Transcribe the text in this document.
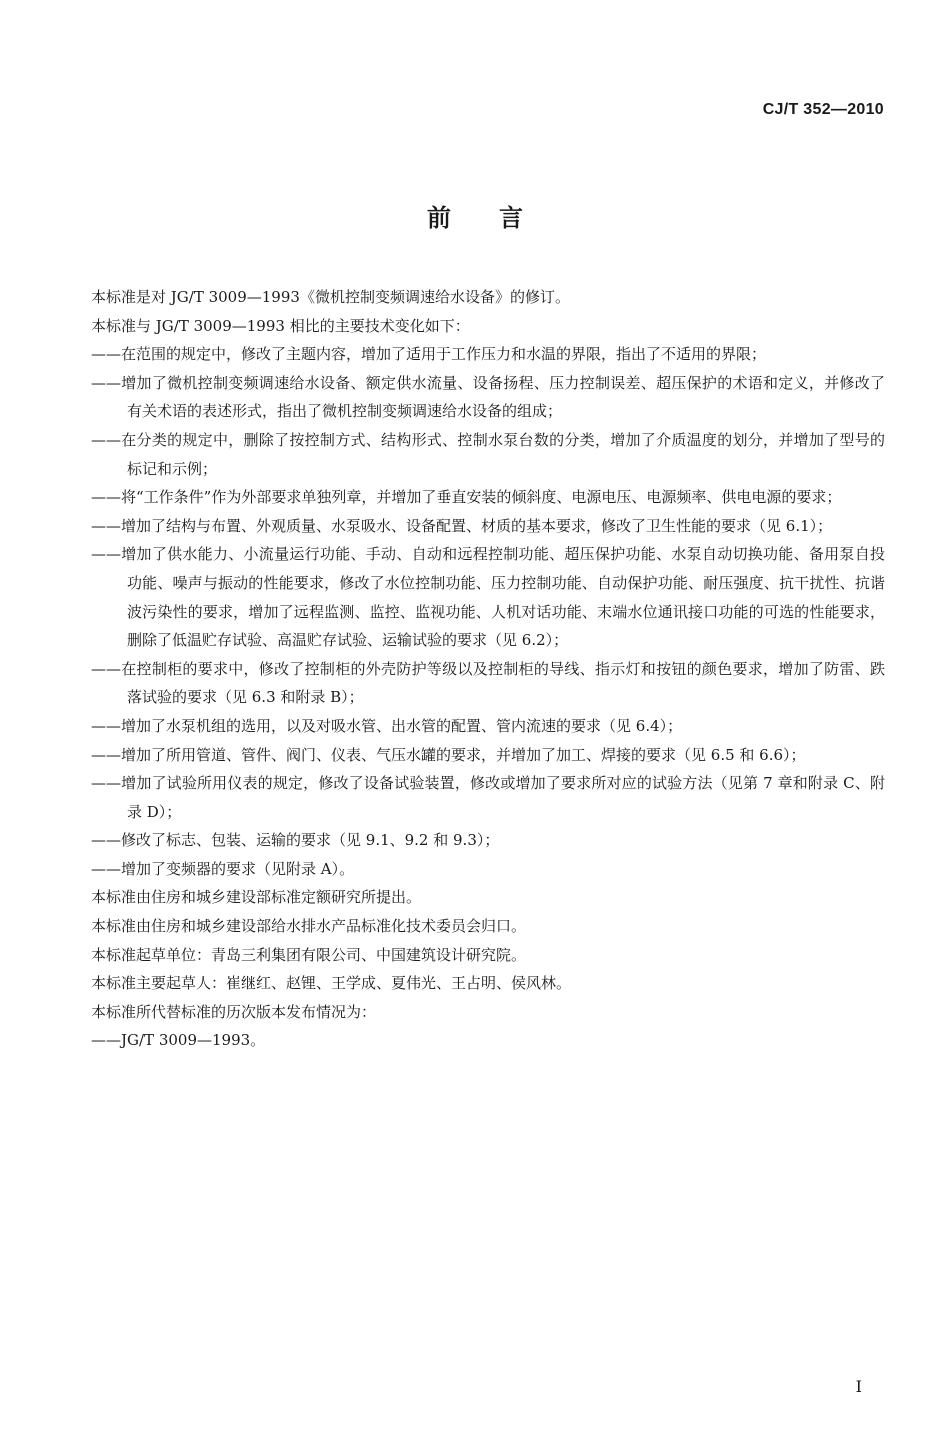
CJ/T 352—2010
前言

本标准是对 JG/T 3009—1993《微机控制变频调速给水设备》的修订。

本标准与 JG/T 3009—1993 相比的主要技术变化如下：

——在范围的规定中，修改了主题内容，增加了适用于工作压力和水温的界限，指出了不适用的界限；

——增加了微机控制变频调速给水设备、额定供水流量、设备扬程、压力控制误差、超压保护的术语和定义，并修改了有关术语的表述形式，指出了微机控制变频调速给水设备的组成；

——在分类的规定中，删除了按控制方式、结构形式、控制水泵台数的分类，增加了介质温度的划分，并增加了型号的标记和示例；

——将“工作条件”作为外部要求单独列章，并增加了垂直安装的倾斜度、电源电压、电源频率、供电电源的要求；

——增加了结构与布置、外观质量、水泵吸水、设备配置、材质的基本要求，修改了卫生性能的要求（见 6.1）；

——增加了供水能力、小流量运行功能、手动、自动和远程控制功能、超压保护功能、水泵自动切换功能、备用泵自投功能、噪声与振动的性能要求，修改了水位控制功能、压力控制功能、自动保护功能、耐压强度、抗干扰性、抗谐波污染性的要求，增加了远程监测、监控、监视功能、人机对话功能、末端水位通讯接口功能的可选的性能要求，删除了低温贮存试验、高温贮存试验、运输试验的要求（见 6.2）；

——在控制柜的要求中，修改了控制柜的外壳防护等级以及控制柜的导线、指示灯和按钮的颜色要求，增加了防雷、跌落试验的要求（见 6.3 和附录 B）；

——增加了水泵机组的选用，以及对吸水管、出水管的配置、管内流速的要求（见 6.4）；

——增加了所用管道、管件、阀门、仪表、气压水罐的要求，并增加了加工、焊接的要求（见 6.5 和 6.6）；

——增加了试验所用仪表的规定，修改了设备试验装置，修改或增加了要求所对应的试验方法（见第 7 章和附录 C、附录 D）；

——修改了标志、包装、运输的要求（见 9.1、9.2 和 9.3）；

——增加了变频器的要求（见附录 A）。

本标准由住房和城乡建设部标准定额研究所提出。

本标准由住房和城乡建设部给水排水产品标准化技术委员会归口。

本标准起草单位：青岛三利集团有限公司、中国建筑设计研究院。

本标准主要起草人：崔继红、赵锂、王学成、夏伟光、王占明、侯风林。

本标准所代替标准的历次版本发布情况为：

——JG/T 3009—1993。

I
